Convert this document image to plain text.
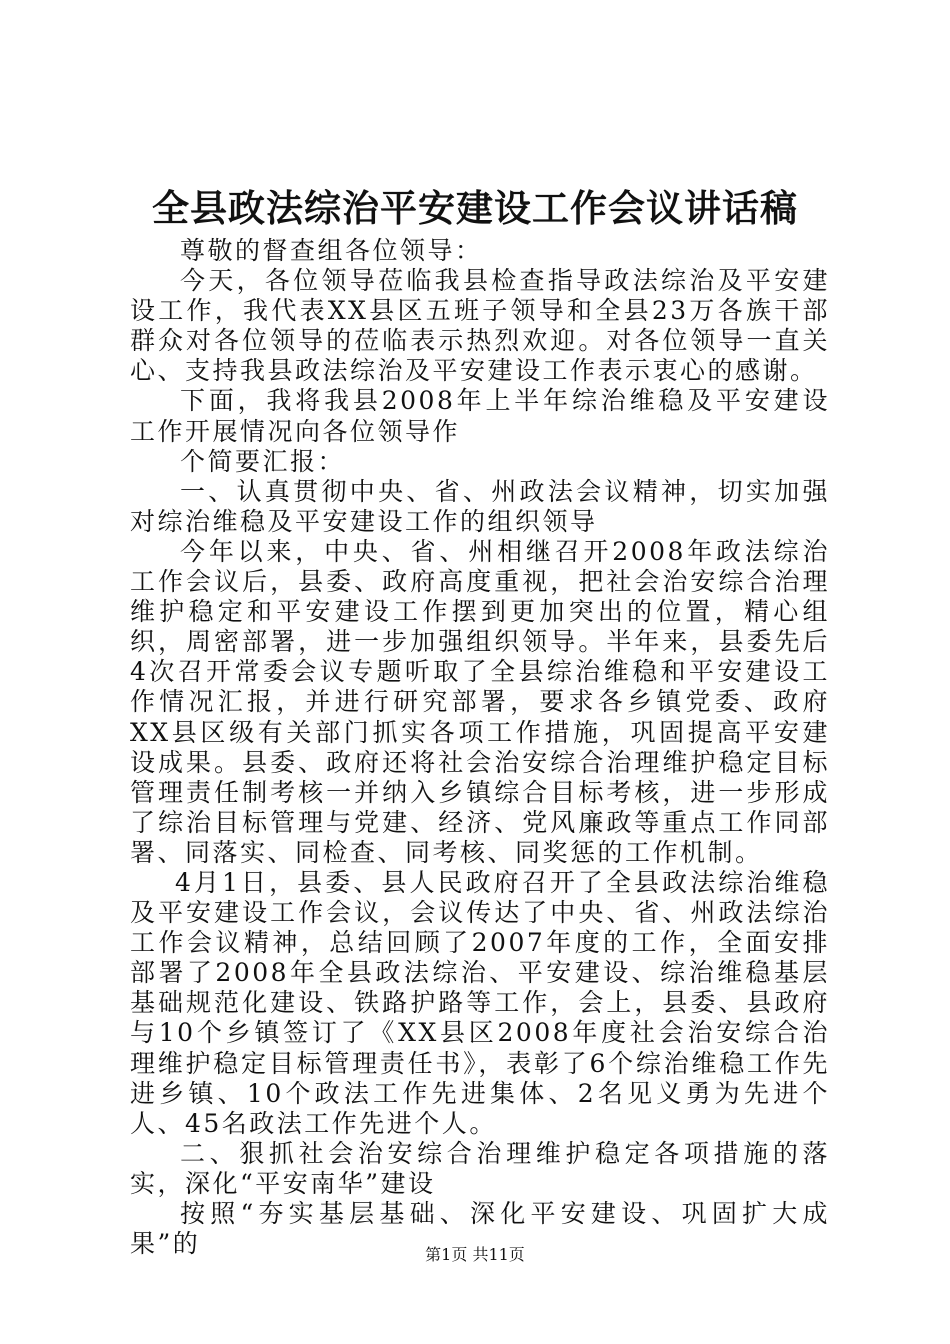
全县政法综治平安建设工作会议讲话稿

尊敬的督查组各位领导：

今天，各位领导莅临我县检查指导政法综治及平安建设工作，我代表XX县区五班子领导和全县23万各族干部群众对各位领导的莅临表示热烈欢迎。对各位领导一直关心、支持我县政法综治及平安建设工作表示衷心的感谢。

下面，我将我县2008年上半年综治维稳及平安建设工作开展情况向各位领导作

个简要汇报：

一、认真贯彻中央、省、州政法会议精神，切实加强对综治维稳及平安建设工作的组织领导

今年以来，中央、省、州相继召开2008年政法综治工作会议后，县委、政府高度重视，把社会治安综合治理维护稳定和平安建设工作摆到更加突出的位置，精心组织，周密部署，进一步加强组织领导。半年来，县委先后4次召开常委会议专题听取了全县综治维稳和平安建设工作情况汇报，并进行研究部署，要求各乡镇党委、政府XX县区级有关部门抓实各项工作措施，巩固提高平安建设成果。县委、政府还将社会治安综合治理维护稳定目标管理责任制考核一并纳入乡镇综合目标考核，进一步形成了综治目标管理与党建、经济、党风廉政等重点工作同部署、同落实、同检查、同考核、同奖惩的工作机制。

4月1日，县委、县人民政府召开了全县政法综治维稳及平安建设工作会议，会议传达了中央、省、州政法综治工作会议精神，总结回顾了2007年度的工作，全面安排部署了2008年全县政法综治、平安建设、综治维稳基层基础规范化建设、铁路护路等工作，会上，县委、县政府与10个乡镇签订了《XX县区2008年度社会治安综合治理维护稳定目标管理责任书》，表彰了6个综治维稳工作先进乡镇、10个政法工作先进集体、2名见义勇为先进个人、45名政法工作先进个人。

二、狠抓社会治安综合治理维护稳定各项措施的落实，深化“平安南华”建设

按照“夯实基层基础、深化平安建设、巩固扩大成果”的	第1页 共11页
